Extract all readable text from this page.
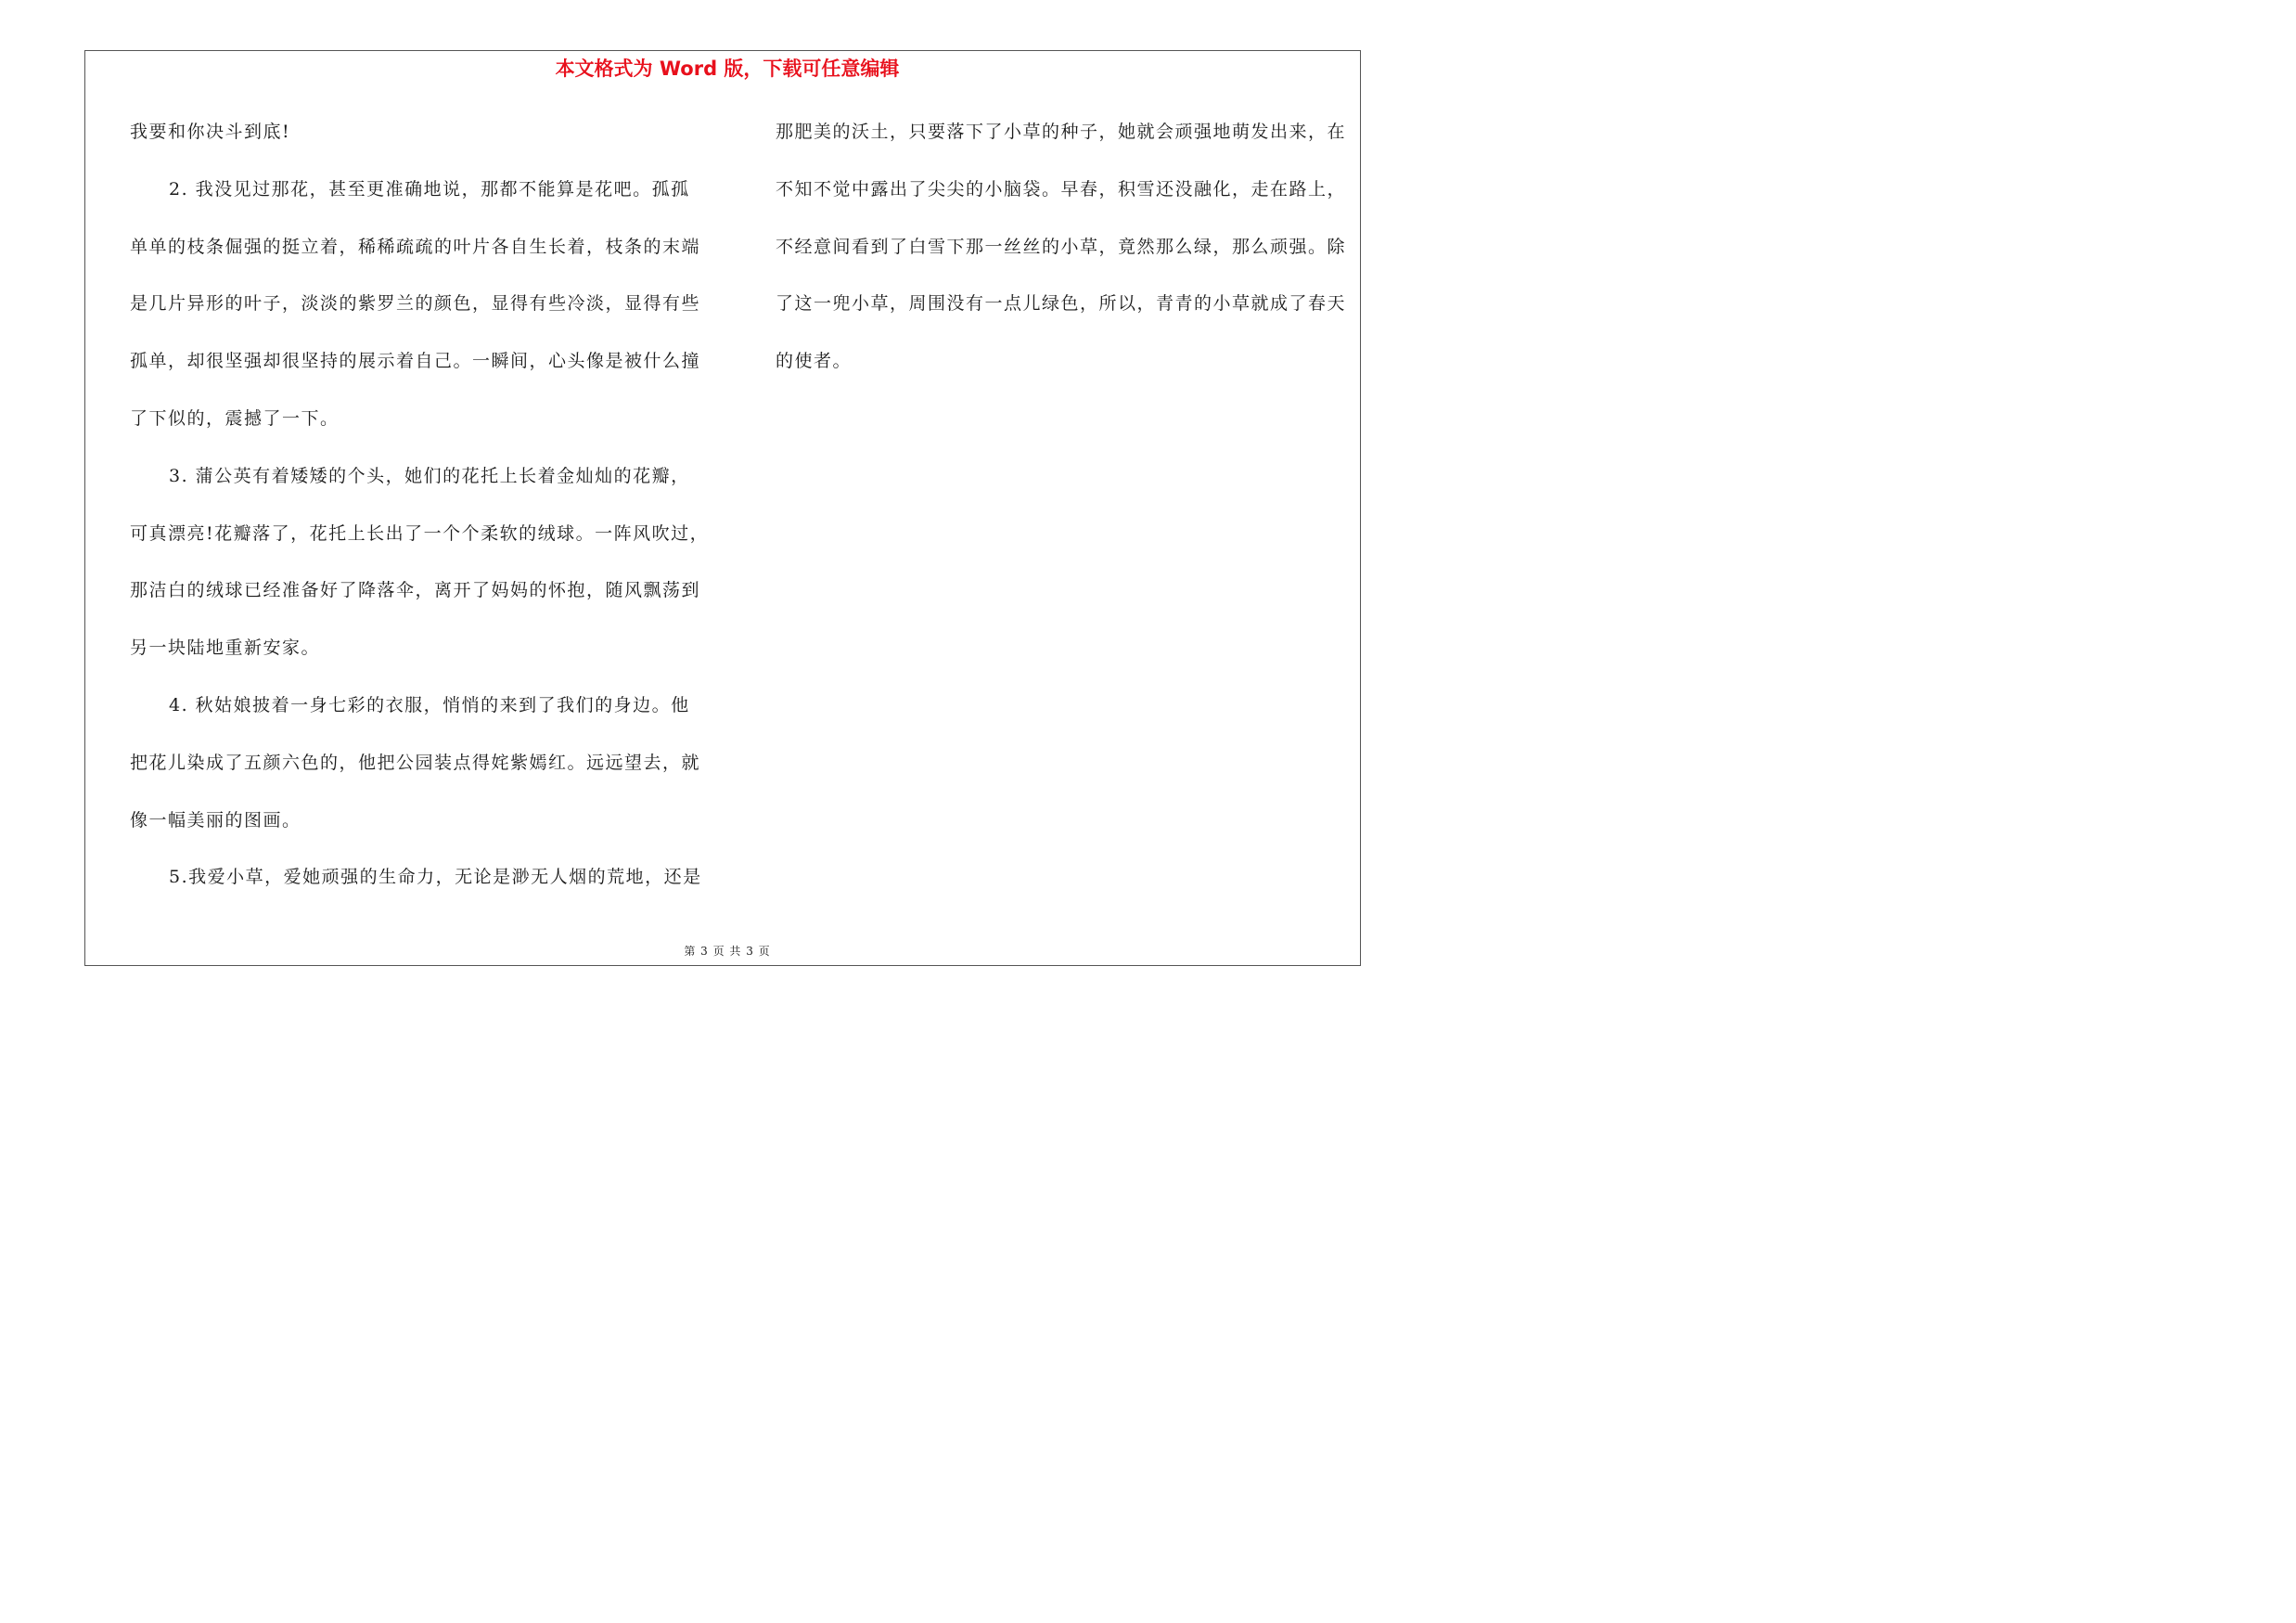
本文格式为 Word 版，下载可任意编辑

我要和你决斗到底!
2. 我没见过那花，甚至更准确地说，那都不能算是花吧。孤孤
单单的枝条倔强的挺立着，稀稀疏疏的叶片各自生长着，枝条的末端
是几片异形的叶子，淡淡的紫罗兰的颜色，显得有些冷淡，显得有些
孤单，却很坚强却很坚持的展示着自己。一瞬间，心头像是被什么撞
了下似的，震撼了一下。
3. 蒲公英有着矮矮的个头，她们的花托上长着金灿灿的花瓣，
可真漂亮!花瓣落了，花托上长出了一个个柔软的绒球。一阵风吹过，
那洁白的绒球已经准备好了降落伞，离开了妈妈的怀抱，随风飘荡到
另一块陆地重新安家。
4. 秋姑娘披着一身七彩的衣服，悄悄的来到了我们的身边。他
把花儿染成了五颜六色的，他把公园装点得姹紫嫣红。远远望去，就
像一幅美丽的图画。
5.我爱小草，爱她顽强的生命力，无论是渺无人烟的荒地，还是
那肥美的沃土，只要落下了小草的种子，她就会顽强地萌发出来，在
不知不觉中露出了尖尖的小脑袋。早春，积雪还没融化，走在路上，
不经意间看到了白雪下那一丝丝的小草，竟然那么绿，那么顽强。除
了这一兜小草，周围没有一点儿绿色，所以，青青的小草就成了春天
的使者。
第 3 页 共 3 页
